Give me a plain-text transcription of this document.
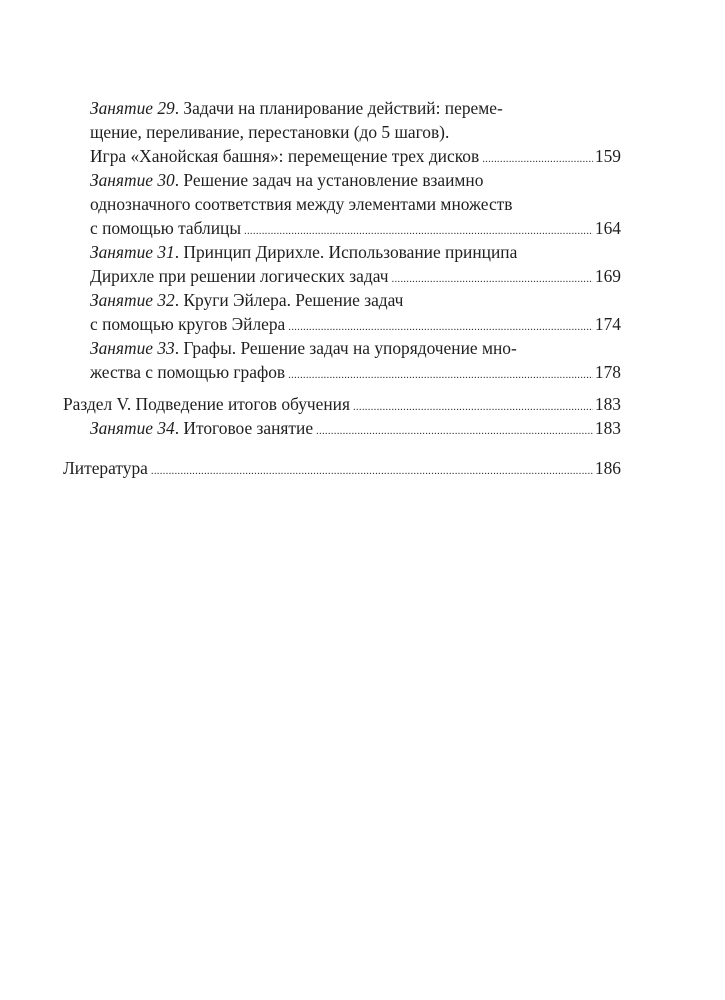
Занятие 29. Задачи на планирование действий: переме-
щение, переливание, перестановки (до 5 шагов).
Игра «Ханойская башня»: перемещение трех дисков .....	159
Занятие 30. Решение задач на установление взаимно
однозначного соответствия между элементами множеств
с помощью таблицы .....	164
Занятие 31. Принцип Дирихле. Использование принципа
Дирихле при решении логических задач .....	169
Занятие 32. Круги Эйлера. Решение задач
с помощью кругов Эйлера .....	174
Занятие 33. Графы. Решение задач на упорядочение мно-
жества с помощью графов .....	178
Раздел V. Подведение итогов обучения .....	183
Занятие 34. Итоговое занятие .....	183
Литература .....	186
